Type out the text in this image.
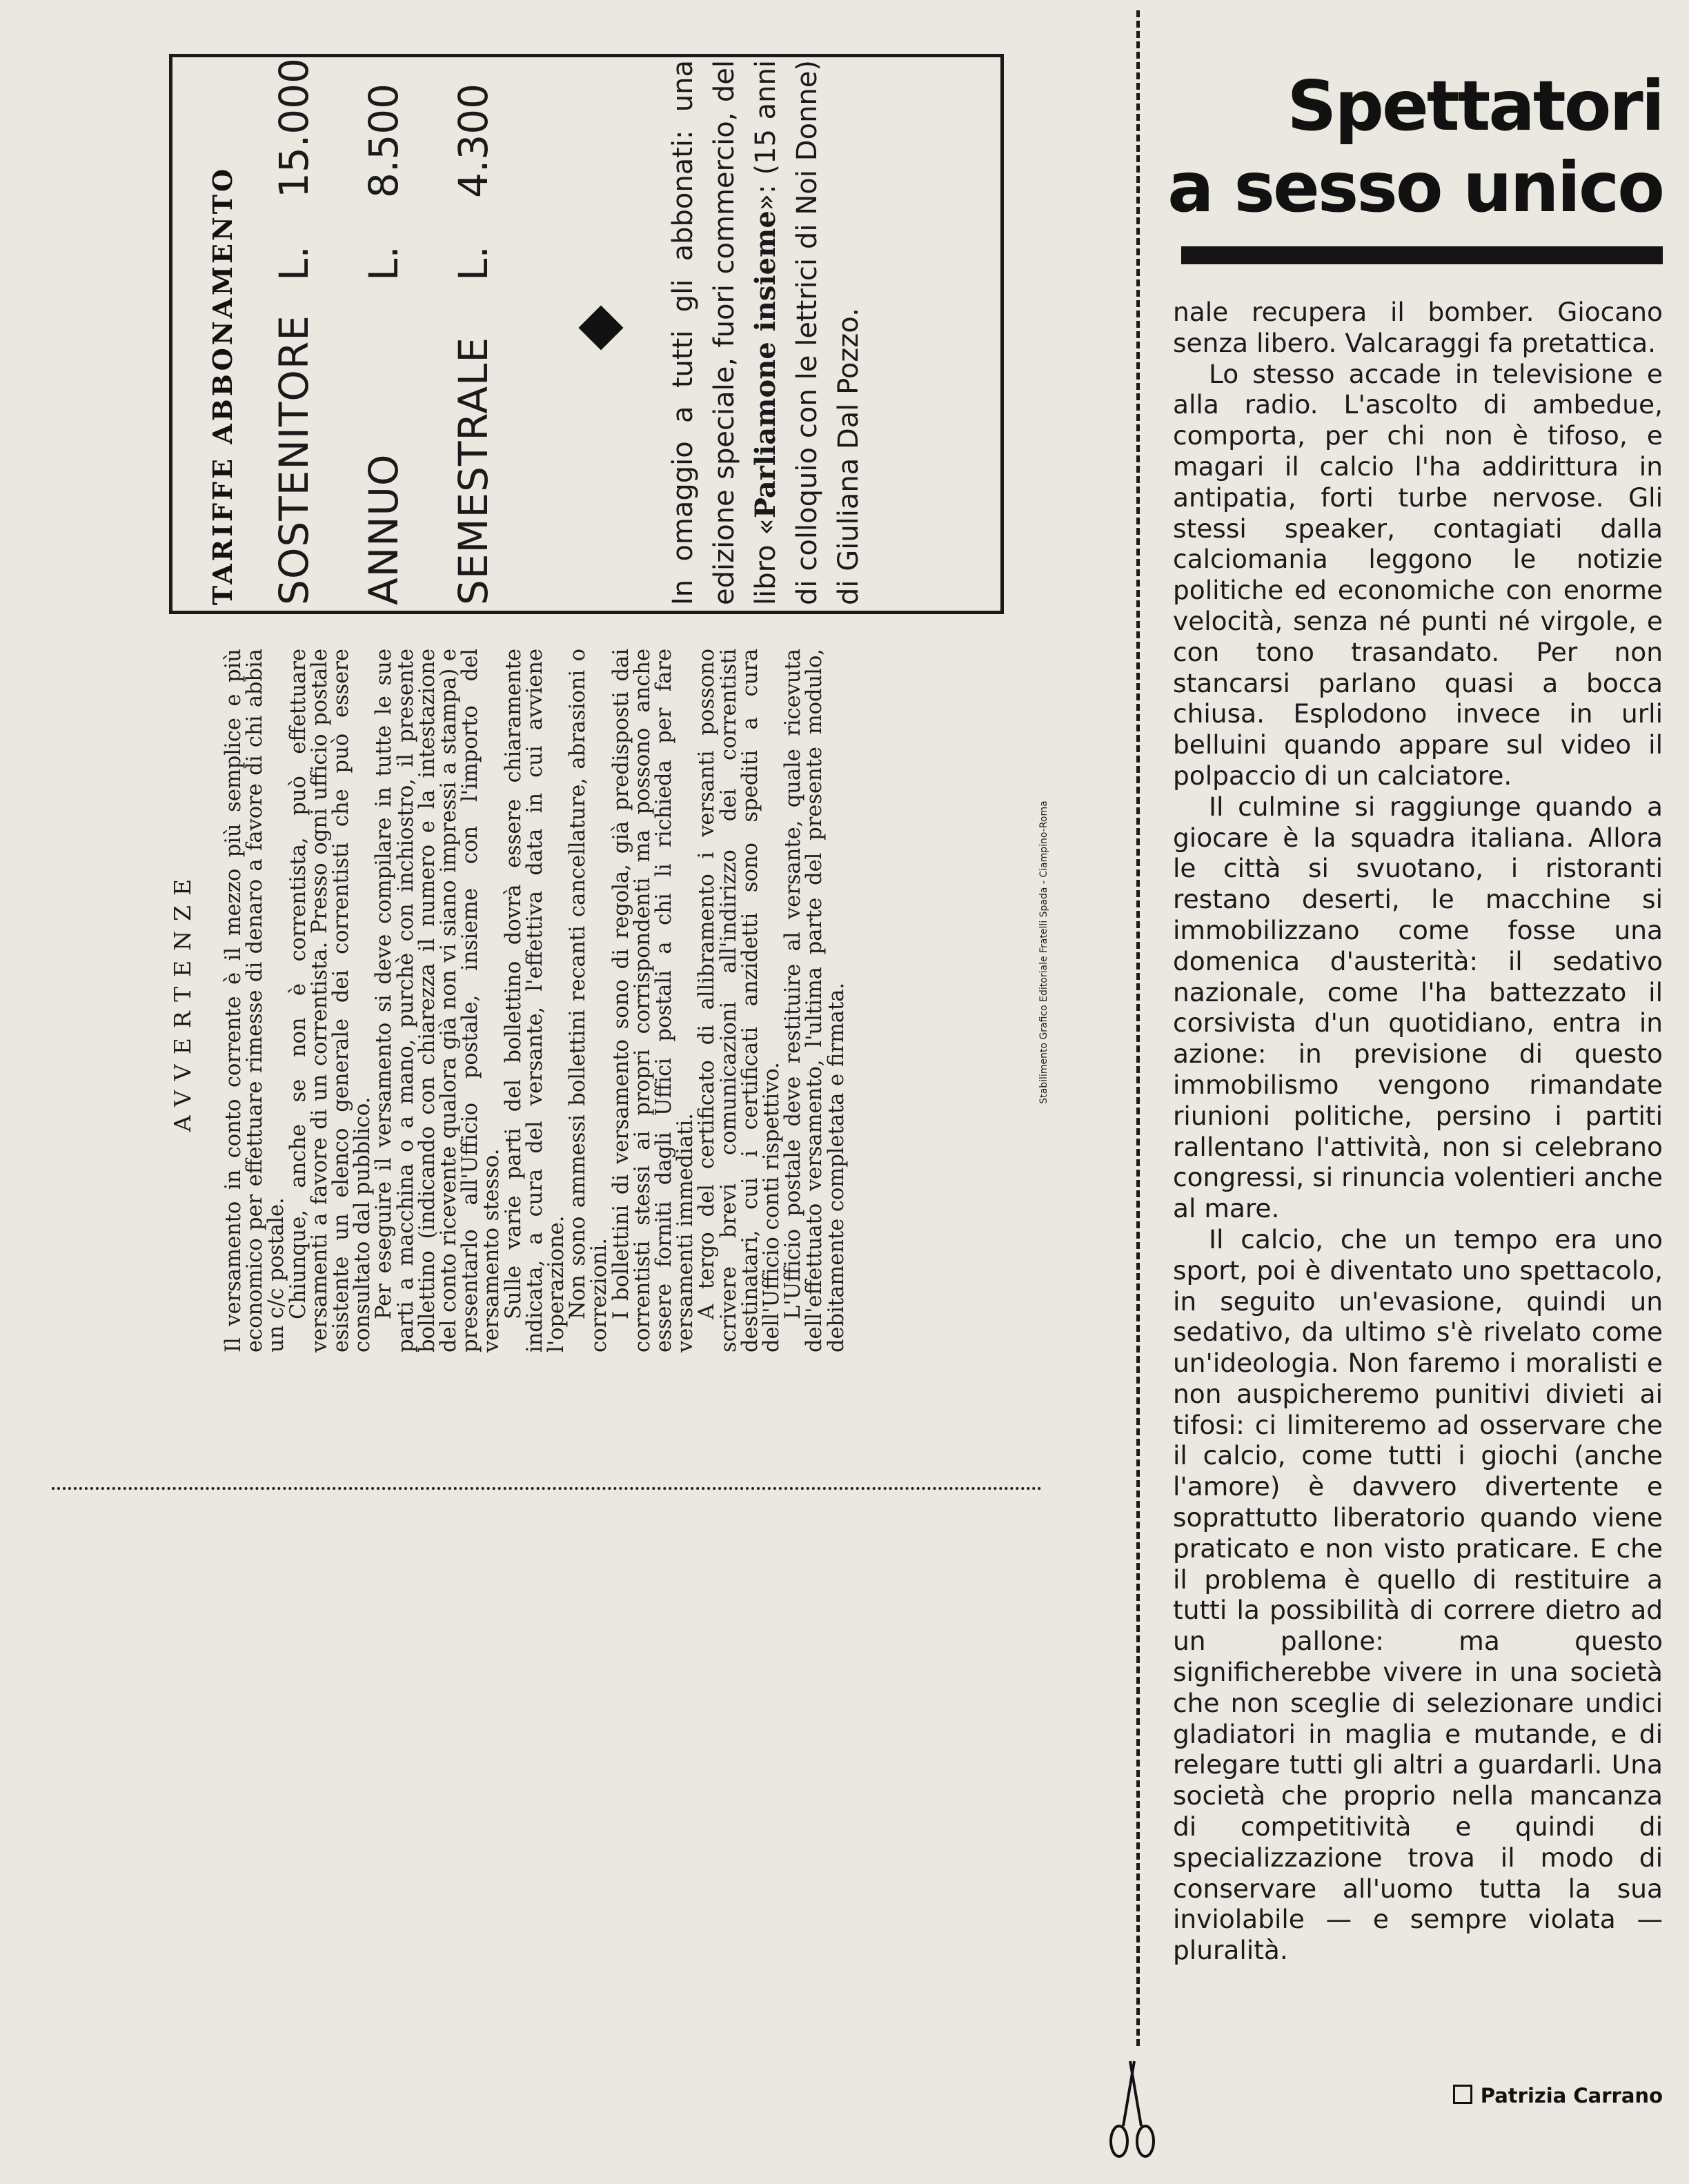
TARIFFE ABBONAMENTO SOSTENITORE
L.
15.000
ANNUO
L.
8.500
SEMESTRALE
L.
4.300	In omaggio a tutti gli abbonati: una edizione speciale, fuori commercio, del libro «Parliamone insieme»: (15 anni di colloquio con le lettrici di Noi Donne) di Giuliana Dal Pozzo.
AVVERTENZE Il versamento in conto corrente è il mezzo più semplice e più economico per effettuare rimesse di denaro a favore di chi abbia un c/c postale.

Chiunque, anche se non è correntista, può effettuare versamenti a favore di un correntista. Presso ogni ufficio postale esistente un elenco generale dei correntisti che può essere consultato dal pubblico.

Per eseguire il versamento si deve compilare in tutte le sue parti a macchina o a mano, purchè con inchiostro, il presente bollettino (indicando con chiarezza il numero e la intestazione del conto ricevente qualora già non vi siano impressi a stampa) e presentarlo all'Ufficio postale, insieme con l'importo del versamento stesso.

Sulle varie parti del bollettino dovrà essere chiaramente indicata, a cura del versante, l'effettiva data in cui avviene l'operazione.

Non sono ammessi bollettini recanti cancellature, abrasioni o correzioni.

I bollettini di versamento sono di regola, già predisposti dai correntisti stessi ai propri corrispondenti ma possono anche essere forniti dagli Uffici postali a chi li richieda per fare versamenti immediati.

A tergo del certificato di allibramento i versanti possono scrivere brevi comunicazioni all'indirizzo dei correntisti destinatari, cui i certificati anzidetti sono spediti a cura dell'Ufficio conti rispettivo.

L'Ufficio postale deve restituire al versante, quale ricevuta dell'effettuato versamento, l'ultima parte del presente modulo, debitamente completata e firmata.

Stabilimento Grafico Editoriale Fratelli Spada - Ciampino-Roma
Spettatori
a sesso unico

nale recupera il bomber. Giocano senza libero. Valcaraggi fa pretattica.

Lo stesso accade in televisione e alla radio. L'ascolto di ambedue, comporta, per chi non è tifoso, e magari il calcio l'ha addirittura in antipatia, forti turbe nervose. Gli stessi speaker, contagiati dalla calciomania leggono le notizie politiche ed economiche con enorme velocità, senza né punti né virgole, e con tono trasandato. Per non stancarsi parlano quasi a bocca chiusa. Esplodono invece in urli belluini quando appare sul video il polpaccio di un calciatore.

Il culmine si raggiunge quando a giocare è la squadra italiana. Allora le città si svuotano, i ristoranti restano deserti, le macchine si immobilizzano come fosse una domenica d'austerità: il sedativo nazionale, come l'ha battezzato il corsivista d'un quotidiano, entra in azione: in previsione di questo immobilismo vengono rimandate riunioni politiche, persino i partiti rallentano l'attività, non si celebrano congressi, si rinuncia volentieri anche al mare.

Il calcio, che un tempo era uno sport, poi è diventato uno spettacolo, in seguito un'evasione, quindi un sedativo, da ultimo s'è rivelato come un'ideologia. Non faremo i moralisti e non auspicheremo punitivi divieti ai tifosi: ci limiteremo ad osservare che il calcio, come tutti i giochi (anche l'amore) è davvero divertente e soprattutto liberatorio quando viene praticato e non visto praticare. E che il problema è quello di restituire a tutti la possibilità di correre dietro ad un pallone: ma questo significherebbe vivere in una società che non sceglie di selezionare undici gladiatori in maglia e mutande, e di relegare tutti gli altri a guardarli. Una società che proprio nella mancanza di competitività e quindi di specializzazione trova il modo di conservare all'uomo tutta la sua inviolabile — e sempre violata — pluralità.

Patrizia Carrano
